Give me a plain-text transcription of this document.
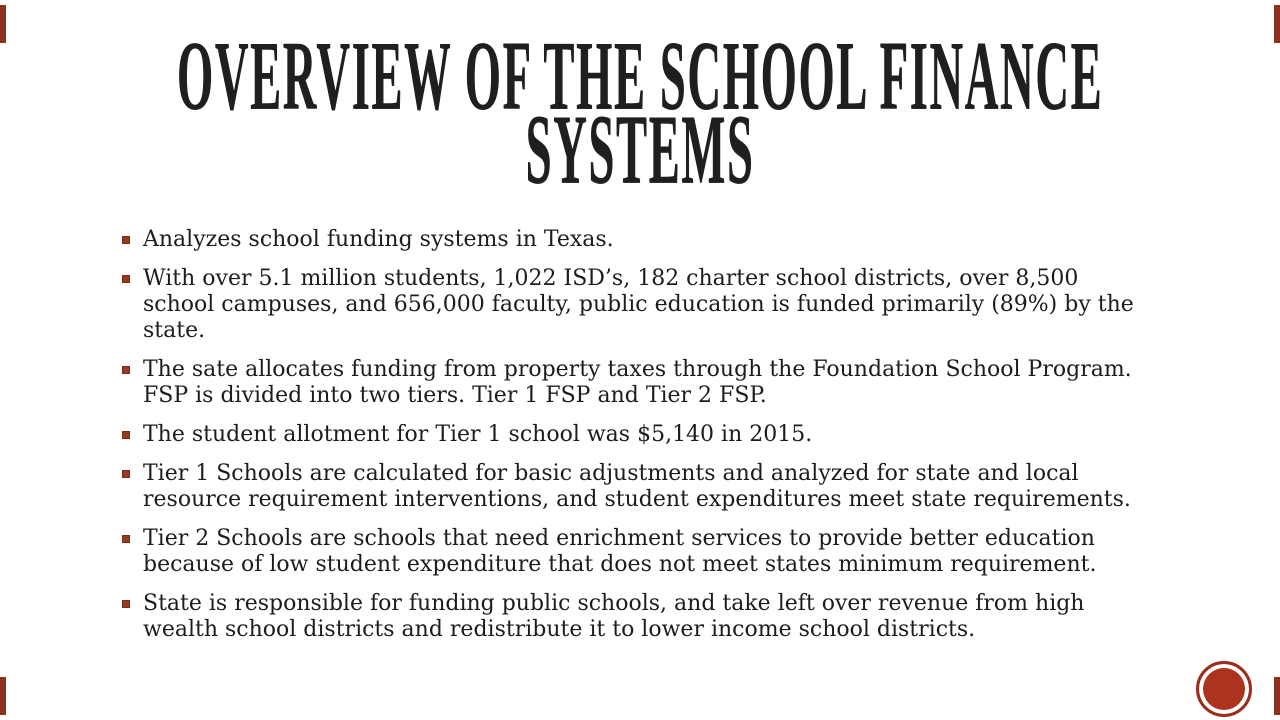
OVERVIEW OF THE SCHOOL FINANCE SYSTEMS
Analyzes school funding systems in Texas.
With over 5.1 million students, 1,022 ISD’s, 182 charter school districts, over 8,500 school campuses, and 656,000 faculty, public education is funded primarily (89%) by the state.
The sate allocates funding from property taxes through the Foundation School Program. FSP is divided into two tiers. Tier 1 FSP and Tier 2 FSP.
The student allotment for Tier 1 school was $5,140 in 2015.
Tier 1 Schools are calculated for basic adjustments and analyzed for state and local resource requirement interventions, and student expenditures meet state requirements.
Tier 2 Schools are schools that need enrichment services to provide better education because of low student expenditure that does not meet states minimum requirement.
State is responsible for funding public schools, and take left over revenue from high wealth school districts and redistribute it to lower income school districts.
